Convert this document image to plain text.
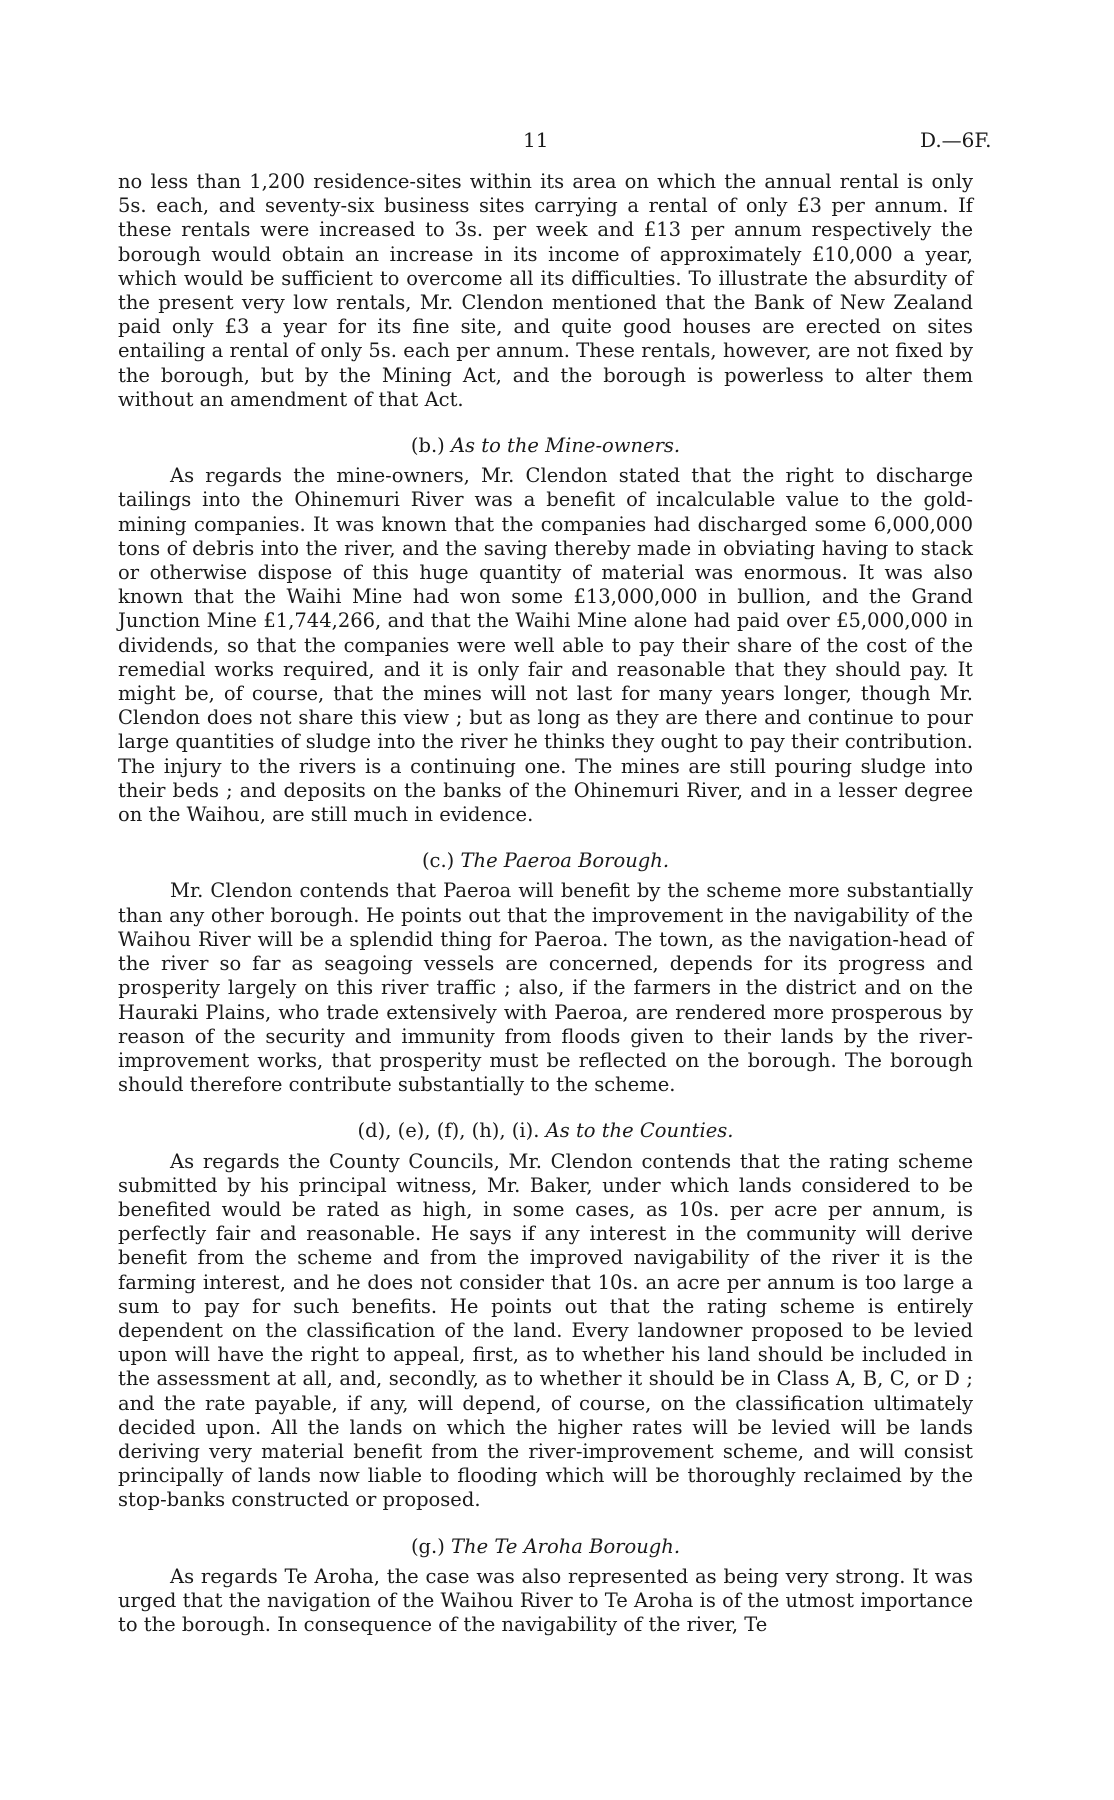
11	D.—6F.

no less than 1,200 residence-sites within its area on which the annual rental is only 5s. each, and seventy-six business sites carrying a rental of only £3 per annum. If these rentals were increased to 3s. per week and £13 per annum respectively the borough would obtain an increase in its income of approximately £10,000 a year, which would be sufficient to overcome all its difficulties. To illustrate the absurdity of the present very low rentals, Mr. Clendon mentioned that the Bank of New Zealand paid only £3 a year for its fine site, and quite good houses are erected on sites entailing a rental of only 5s. each per annum. These rentals, however, are not fixed by the borough, but by the Mining Act, and the borough is powerless to alter them without an amendment of that Act.

(b.) As to the Mine-owners.

As regards the mine-owners, Mr. Clendon stated that the right to discharge tailings into the Ohinemuri River was a benefit of incalculable value to the gold-mining companies. It was known that the companies had discharged some 6,000,000 tons of debris into the river, and the saving thereby made in obviating having to stack or otherwise dispose of this huge quantity of material was enormous. It was also known that the Waihi Mine had won some £13,000,000 in bullion, and the Grand Junction Mine £1,744,266, and that the Waihi Mine alone had paid over £5,000,000 in dividends, so that the companies were well able to pay their share of the cost of the remedial works required, and it is only fair and reasonable that they should pay. It might be, of course, that the mines will not last for many years longer, though Mr. Clendon does not share this view ; but as long as they are there and continue to pour large quantities of sludge into the river he thinks they ought to pay their contribution. The injury to the rivers is a continuing one. The mines are still pouring sludge into their beds ; and deposits on the banks of the Ohinemuri River, and in a lesser degree on the Waihou, are still much in evidence.

(c.) The Paeroa Borough.

Mr. Clendon contends that Paeroa will benefit by the scheme more substantially than any other borough. He points out that the improvement in the navigability of the Waihou River will be a splendid thing for Paeroa. The town, as the navigation-head of the river so far as seagoing vessels are concerned, depends for its progress and prosperity largely on this river traffic ; also, if the farmers in the district and on the Hauraki Plains, who trade extensively with Paeroa, are rendered more prosperous by reason of the security and immunity from floods given to their lands by the river-improvement works, that prosperity must be reflected on the borough. The borough should therefore contribute substantially to the scheme.

(d), (e), (f), (h), (i). As to the Counties.

As regards the County Councils, Mr. Clendon contends that the rating scheme submitted by his principal witness, Mr. Baker, under which lands considered to be benefited would be rated as high, in some cases, as 10s. per acre per annum, is perfectly fair and reasonable. He says if any interest in the community will derive benefit from the scheme and from the improved navigability of the river it is the farming interest, and he does not consider that 10s. an acre per annum is too large a sum to pay for such benefits. He points out that the rating scheme is entirely dependent on the classification of the land. Every landowner proposed to be levied upon will have the right to appeal, first, as to whether his land should be included in the assessment at all, and, secondly, as to whether it should be in Class A, B, C, or D ; and the rate payable, if any, will depend, of course, on the classification ultimately decided upon. All the lands on which the higher rates will be levied will be lands deriving very material benefit from the river-improvement scheme, and will consist principally of lands now liable to flooding which will be thoroughly reclaimed by the stop-banks constructed or proposed.

(g.) The Te Aroha Borough.

As regards Te Aroha, the case was also represented as being very strong. It was urged that the navigation of the Waihou River to Te Aroha is of the utmost importance to the borough. In consequence of the navigability of the river, Te
